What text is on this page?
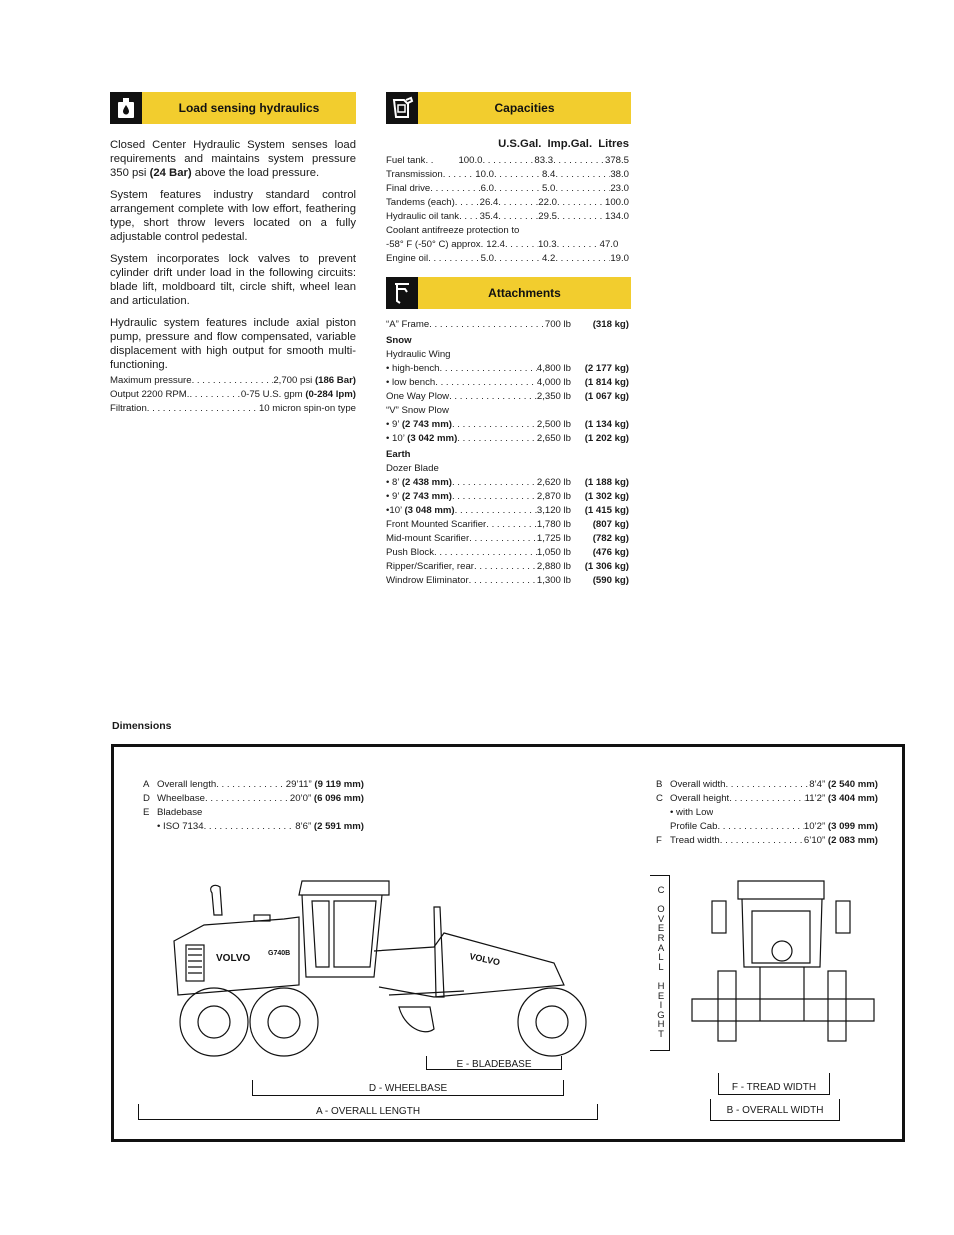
Load sensing hydraulics

Closed Center Hydraulic System senses load requirements and maintains system pressure 350 psi (24 Bar) above the load pressure.

System features industry standard control arrangement complete with low effort, feathering type, short throw levers located on a fully adjustable control pedestal.

System incorporates lock valves to prevent cylinder drift under load in the following circuits: blade lift, moldboard tilt, circle shift, wheel lean and articulation.

Hydraulic system features include axial piston pump, pressure and flow compensated, variable displacement with high output for smooth multi-functioning.

Maximum pressure . . .	2,700 psi (186 Bar)
Output 2200 RPM. . . .	0-75 U.S. gpm (0-284 lpm)
Filtration . . .	10 micron spin-on type
Capacities
U.S.Gal. Imp.Gal. Litres
Fuel tank . . .	100.0 . . .	83.3 . . .	378.5
Transmission . . .	10.0 . . .	8.4 . . .	38.0
Final drive . . .	6.0 . . .	5.0 . . .	23.0
Tandems (each) . . .	26.4 . . .	22.0 . . .	100.0
Hydraulic oil tank . . . 35.4 . . .	29.5 . . .	134.0
Coolant antifreeze protection to
-58° F (-50° C) approx. 12.4 . . .	10.3 . . .	47.0
Engine oil . . .	5.0 . . .	4.2 . . .	19.0
Attachments
“A” Frame . . .	700 lb	(318 kg)
Snow
Hydraulic Wing
• high-bench . . .	4,800 lb	(2 177 kg)
• low bench . . .	4,000 lb	(1 814 kg)
One Way Plow . . .	2,350 lb	(1 067 kg)
“V” Snow Plow
• 9’ (2 743 mm) . . .	2,500 lb	(1 134 kg)
• 10’ (3 042 mm) . . .	2,650 lb	(1 202 kg)
Earth
Dozer Blade
• 8’ (2 438 mm) . . .	2,620 lb	(1 188 kg)
• 9’ (2 743 mm) . . .	2,870 lb	(1 302 kg)
•10’ (3 048 mm) . . .	3,120 lb	(1 415 kg)
Front Mounted Scarifier . . .	1,780 lb	(807 kg)
Mid-mount Scarifier . . .	1,725 lb	(782 kg)
Push Block . . .	1,050 lb	(476 kg)
Ripper/Scarifier, rear . . .	2,880 lb	(1 306 kg)
Windrow Eliminator . . .	1,300 lb	(590 kg)
Dimensions
A Overall length . . .	29’11” (9 119 mm)
D Wheelbase . . .	20’0” (6 096 mm)
E Bladebase
• ISO 7134 . . .	8’6” (2 591 mm)
B Overall width . . .	8’4” (2 540 mm)
C Overall height . . .	11’2” (3 404 mm)
• with Low
Profile Cab . . .	10’2” (3 099 mm)
F Tread width . . .	6’10” (2 083 mm)
VOLVO	VOLVO
G740B
C

O
V
E
R
A
L
L

H
E
I
G
H
T
E - BLADEBASE
D - WHEELBASE
A - OVERALL LENGTH
F - TREAD WIDTH
B - OVERALL WIDTH
